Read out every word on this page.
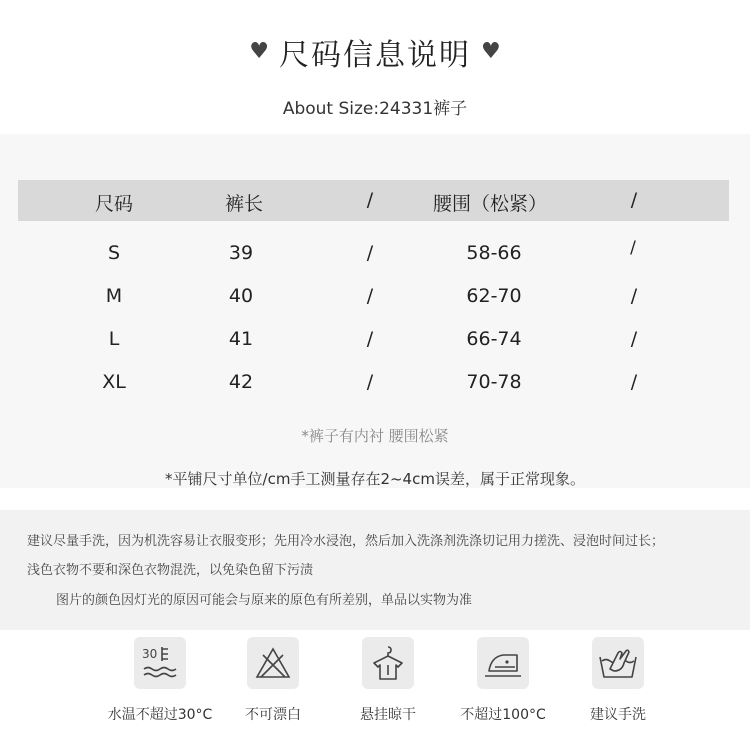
♥ 尺码信息说明 ♥
About Size:24331裤子
尺码	裤长	/	腰围（松紧）	/
S	39	/	58-66	/
M	40	/	62-70	/
L	41	/	66-74	/
XL	42	/	70-78	/
*裤子有内衬 腰围松紧
*平铺尺寸单位/cm手工测量存在2~4cm误差，属于正常现象。

建议尽量手洗，因为机洗容易让衣服变形；先用冷水浸泡，然后加入洗涤剂洗涤切记用力搓洗、浸泡时间过长；

浅色衣物不要和深色衣物混洗，以免染色留下污渍

图片的颜色因灯光的原因可能会与原来的原色有所差别，单品以实物为准

30
水温不超过30°C	不可漂白	悬挂晾干	不超过100°C	建议手洗
